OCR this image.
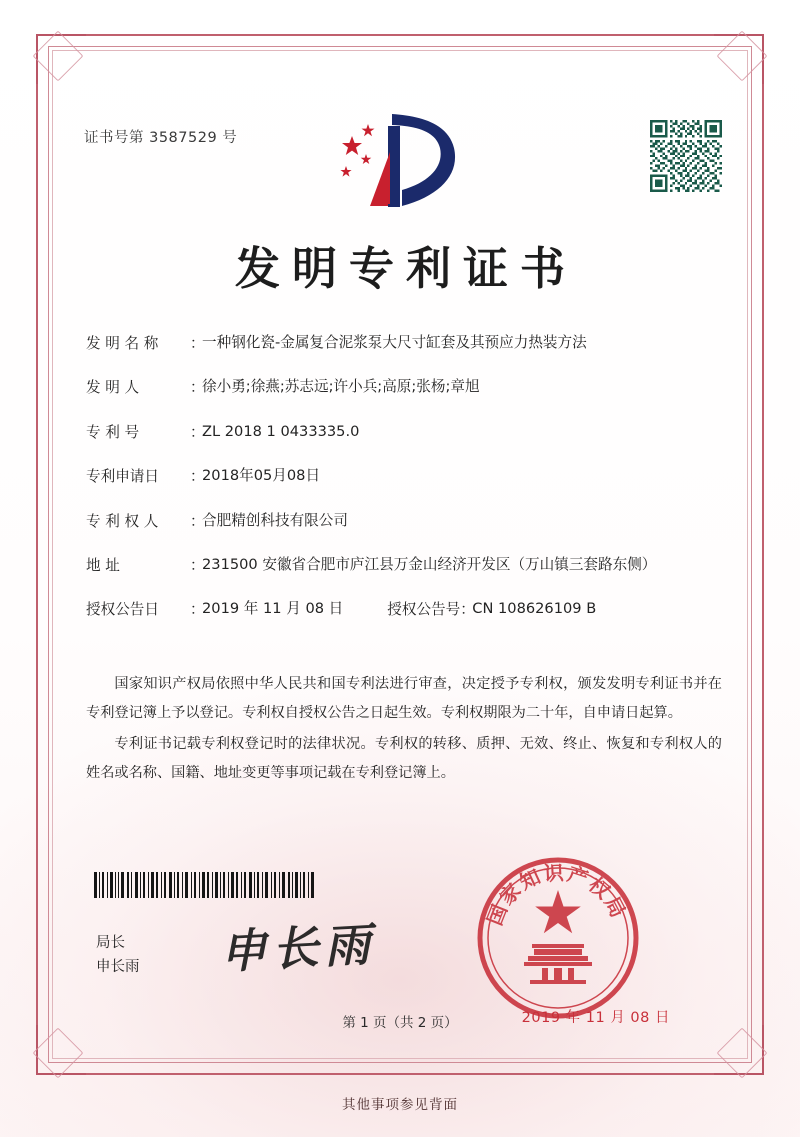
证书号第 3587529 号
发明专利证书
发 明 名 称	：
一种钢化瓷-金属复合泥浆泵大尺寸缸套及其预应力热装方法
发 明 人	：
徐小勇;徐燕;苏志远;许小兵;高原;张杨;章旭
专 利 号	：
ZL 2018 1 0433335.0
专利申请日	：
2018年05月08日
专 利 权 人	：
合肥精创科技有限公司
地 址	：
231500 安徽省合肥市庐江县万金山经济开发区（万山镇三套路东侧）
授权公告日	：
2019 年 11 月 08 日	授权公告号 ：
CN 108626109 B

国家知识产权局依照中华人民共和国专利法进行审查，决定授予专利权，颁发发明专利证书并在专利登记簿上予以登记。专利权自授权公告之日起生效。专利权期限为二十年，自申请日起算。

专利证书记载专利权登记时的法律状况。专利权的转移、质押、无效、终止、恢复和专利权人的姓名或名称、国籍、地址变更等事项记载在专利登记簿上。

申长雨
局长
申长雨
国家知识产权局
2019 年 11 月 08 日
第 1 页（共 2 页）
其他事项参见背面
